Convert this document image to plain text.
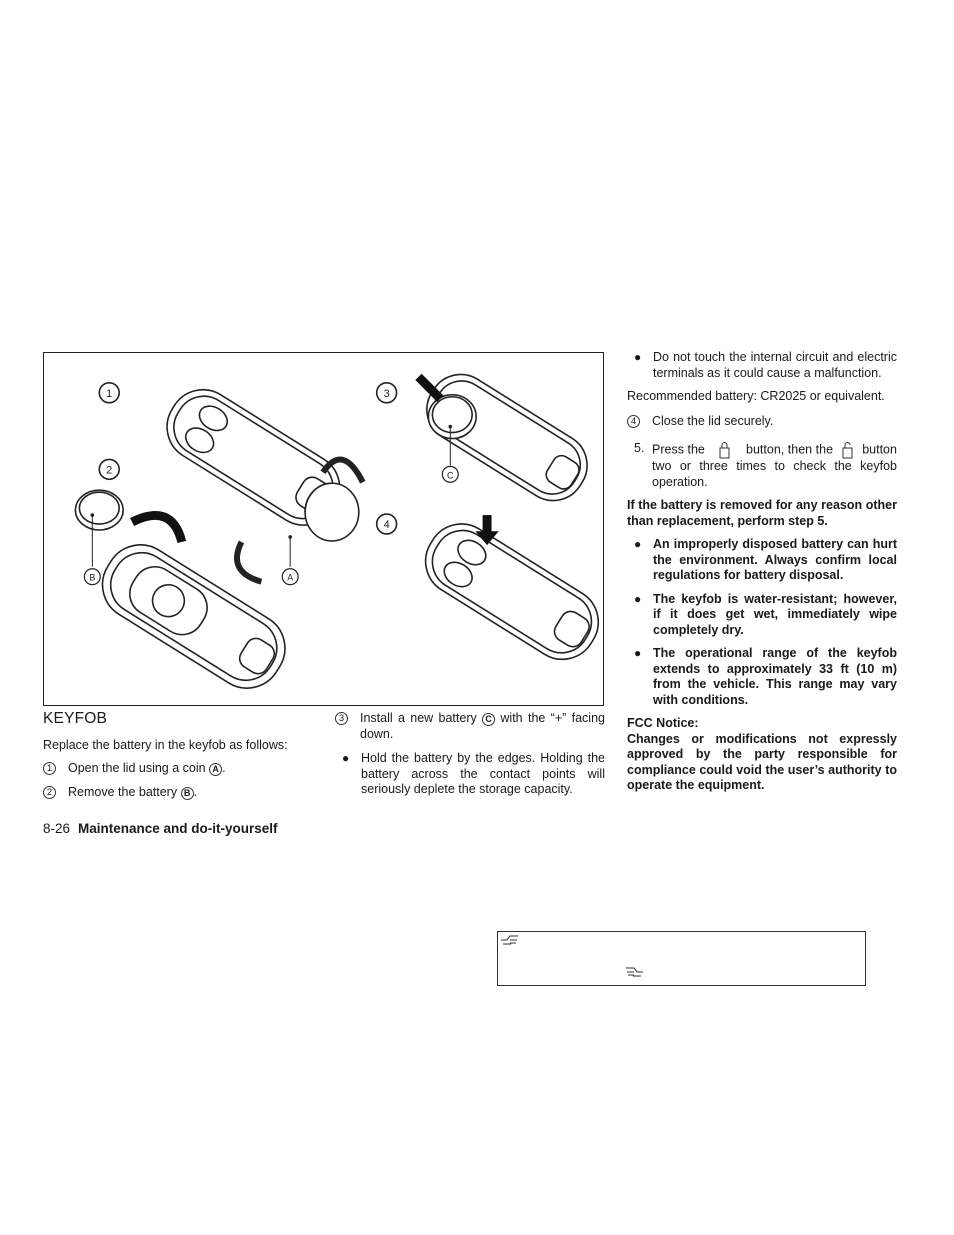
1
2
3
4
A
B
C

KEYFOB

Replace the battery in the keyfob as follows:

1	Open the lid using a coin A .

2	Remove the battery B .

3	Install a new battery C with the “+” facing down.

● Hold the battery by the edges. Holding the battery across the contact points will seriously deplete the storage capacity.

● Do not touch the internal circuit and electric terminals as it could cause a malfunction.

Recommended battery: CR2025 or equivalent.

4	Close the lid securely.

5. Press the	button, then the button two or three times to check the keyfob operation.

If the battery is removed for any reason other than replacement, perform step 5.

● An improperly disposed battery can hurt the environment. Always confirm local regulations for battery disposal.

● The keyfob is water-resistant; however, if it does get wet, immediately wipe completely dry.

● The operational range of the keyfob extends to approximately 33 ft (10 m) from the vehicle. This range may vary with conditions.

FCC Notice:

Changes or modifications not expressly approved by the party responsible for compliance could void the user’s authority to operate the equipment.

8-26 Maintenance and do-it-yourself
